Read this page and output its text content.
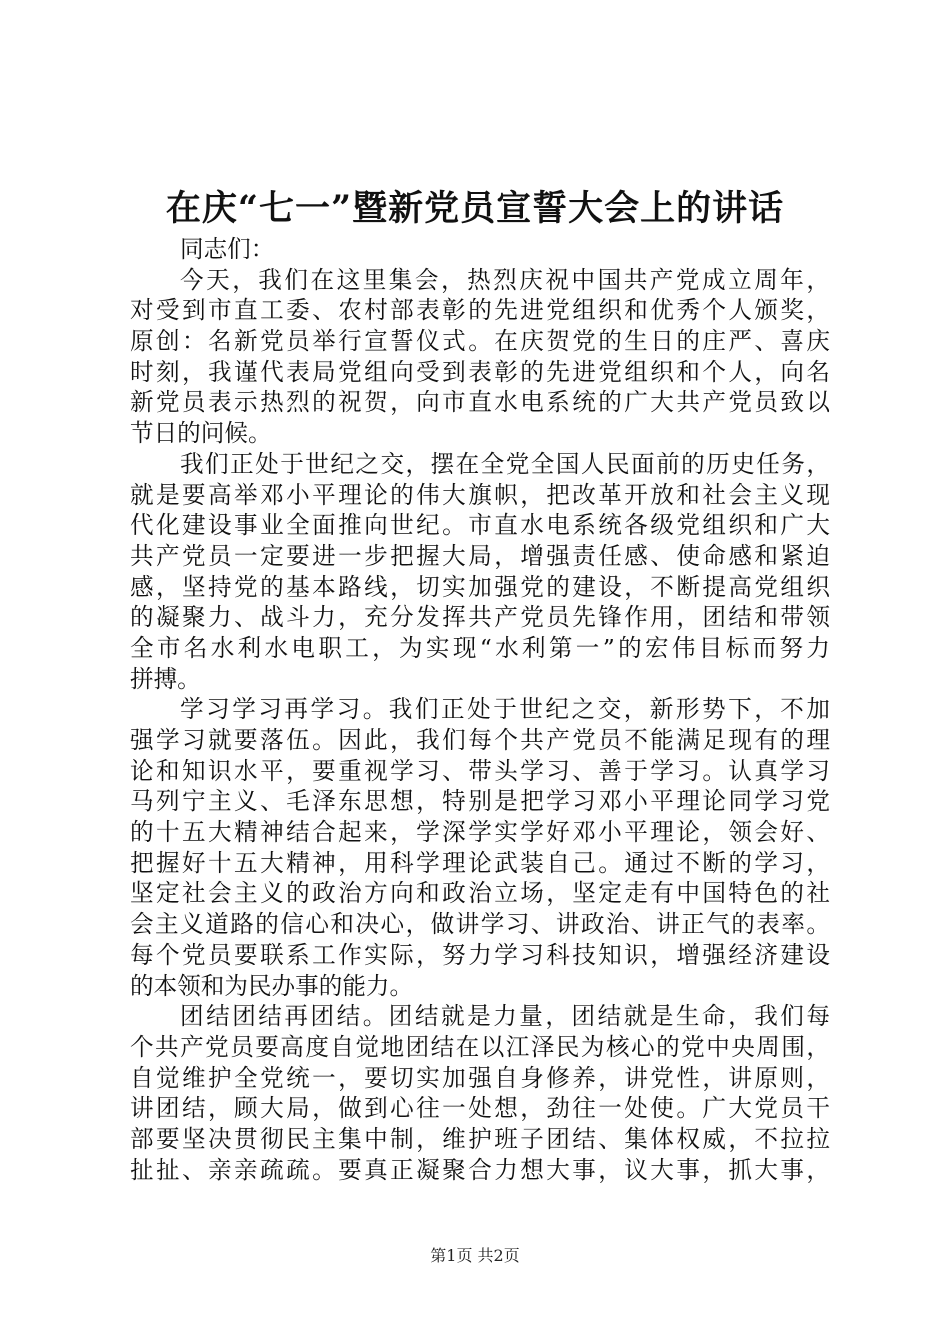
在庆“七一”暨新党员宣誓大会上的讲话
同志们：
今天，我们在这里集会，热烈庆祝中国共产党成立周年，
对受到市直工委、农村部表彰的先进党组织和优秀个人颁奖，
原创：名新党员举行宣誓仪式。在庆贺党的生日的庄严、喜庆
时刻，我谨代表局党组向受到表彰的先进党组织和个人，向名
新党员表示热烈的祝贺，向市直水电系统的广大共产党员致以
节日的问候。
我们正处于世纪之交，摆在全党全国人民面前的历史任务，
就是要高举邓小平理论的伟大旗帜，把改革开放和社会主义现
代化建设事业全面推向世纪。市直水电系统各级党组织和广大
共产党员一定要进一步把握大局，增强责任感、使命感和紧迫
感，坚持党的基本路线，切实加强党的建设，不断提高党组织
的凝聚力、战斗力，充分发挥共产党员先锋作用，团结和带领
全市名水利水电职工，为实现“水利第一”的宏伟目标而努力
拼搏。
学习学习再学习。我们正处于世纪之交，新形势下，不加
强学习就要落伍。因此，我们每个共产党员不能满足现有的理
论和知识水平，要重视学习、带头学习、善于学习。认真学习
马列宁主义、毛泽东思想，特别是把学习邓小平理论同学习党
的十五大精神结合起来，学深学实学好邓小平理论，领会好、
把握好十五大精神，用科学理论武装自己。通过不断的学习，
坚定社会主义的政治方向和政治立场，坚定走有中国特色的社
会主义道路的信心和决心，做讲学习、讲政治、讲正气的表率。
每个党员要联系工作实际，努力学习科技知识，增强经济建设
的本领和为民办事的能力。
团结团结再团结。团结就是力量，团结就是生命，我们每
个共产党员要高度自觉地团结在以江泽民为核心的党中央周围，
自觉维护全党统一，要切实加强自身修养，讲党性，讲原则，
讲团结，顾大局，做到心往一处想，劲往一处使。广大党员干
部要坚决贯彻民主集中制，维护班子团结、集体权威，不拉拉
扯扯、亲亲疏疏。要真正凝聚合力想大事，议大事，抓大事，
第1页 共2页
